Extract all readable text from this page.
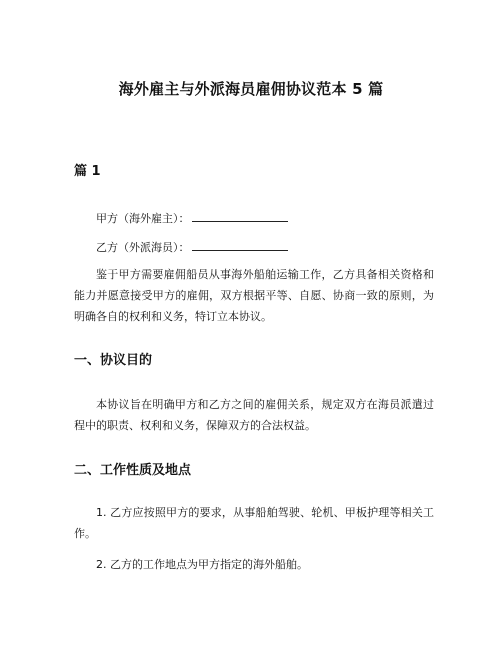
海外雇主与外派海员雇佣协议范本 5 篇
篇 1

甲方（海外雇主）：

乙方（外派海员）：

鉴于甲方需要雇佣船员从事海外船舶运输工作，乙方具备相关资格和能力并愿意接受甲方的雇佣，双方根据平等、自愿、协商一致的原则，为明确各自的权利和义务，特订立本协议。

一、协议目的

本协议旨在明确甲方和乙方之间的雇佣关系，规定双方在海员派遣过程中的职责、权利和义务，保障双方的合法权益。

二、工作性质及地点

1. 乙方应按照甲方的要求，从事船舶驾驶、轮机、甲板护理等相关工作。

2. 乙方的工作地点为甲方指定的海外船舶。
